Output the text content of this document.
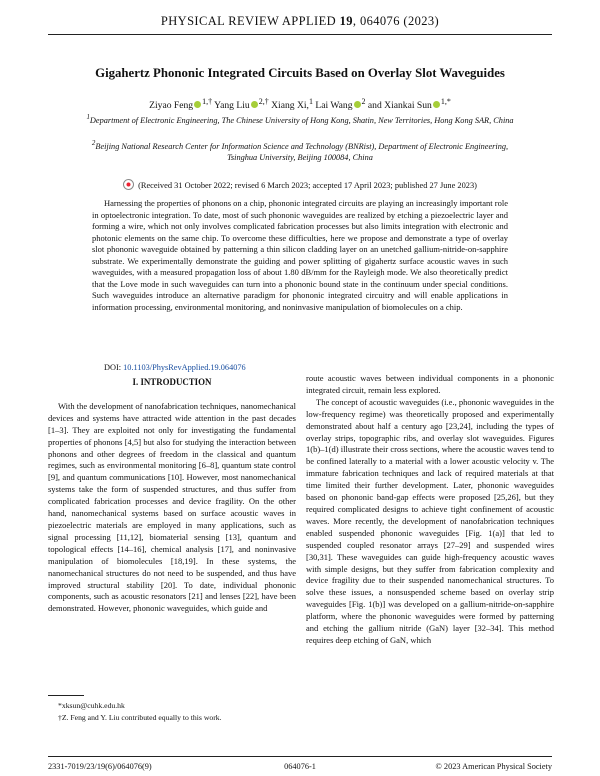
PHYSICAL REVIEW APPLIED 19, 064076 (2023)
Gigahertz Phononic Integrated Circuits Based on Overlay Slot Waveguides
Ziyao Feng $^{1,\dagger}$ Yang Liu $^{2,\dagger}$ Xiang Xi,$^1$ Lai Wang $^2$ and Xiankai Sun $^{1,*}$
$^1$Department of Electronic Engineering, The Chinese University of Hong Kong, Shatin, New Territories, Hong Kong SAR, China
$^2$Beijing National Research Center for Information Science and Technology (BNRist), Department of Electronic Engineering, Tsinghua University, Beijing 100084, China
(Received 31 October 2022; revised 6 March 2023; accepted 17 April 2023; published 27 June 2023)

Harnessing the properties of phonons on a chip, phononic integrated circuits are playing an increasingly important role in optoelectronic integration. To date, most of such phononic waveguides are realized by etching a piezoelectric layer and forming a wire, which not only involves complicated fabrication processes but also limits integration with electronic and photonic elements on the same chip. To overcome these difficulties, here we propose and demonstrate a type of overlay slot phononic waveguide obtained by patterning a thin silicon cladding layer on an unetched gallium-nitride-on-sapphire substrate. We experimentally demonstrate the guiding and power splitting of gigahertz surface acoustic waves in such waveguides, with a measured propagation loss of about 1.80 dB/mm for the Rayleigh mode. We also theoretically predict that the Love mode in such waveguides can turn into a phononic bound state in the continuum under special conditions. Such waveguides introduce an alternative paradigm for phononic integrated circuitry and will enable applications in information processing, environmental monitoring, and noninvasive manipulation of biomolecules on a chip.

DOI: 10.1103/PhysRevApplied.19.064076
I. INTRODUCTION

With the development of nanofabrication techniques, nanomechanical devices and systems have attracted wide attention in the past decades [1–3]. They are exploited not only for investigating the fundamental properties of phonons [4,5] but also for studying the interaction between phonons and other degrees of freedom in the classical and quantum regimes, such as environmental monitoring [6–8], quantum state control [9], and quantum communications [10]. However, most nanomechanical systems take the form of suspended structures, and thus suffer from complicated fabrication processes and device fragility. On the other hand, nanomechanical systems based on surface acoustic waves in piezoelectric materials are employed in many applications, such as signal processing [11,12], biomaterial sensing [13], quantum and topological effects [14–16], chemical analysis [17], and noninvasive manipulation of biomolecules [18,19]. In these systems, the nanomechanical structures do not need to be suspended, and thus have improved structural stability [20]. To date, individual phononic components, such as acoustic resonators [21] and lenses [22], have been demonstrated. However, phononic waveguides, which guide and

route acoustic waves between individual components in a phononic integrated circuit, remain less explored.

The concept of acoustic waveguides (i.e., phononic waveguides in the low-frequency regime) was theoretically proposed and experimentally demonstrated about half a century ago [23,24], including the types of overlay strips, topographic ribs, and overlay slot waveguides. Figures 1(b)–1(d) illustrate their cross sections, where the acoustic waves tend to be confined laterally to a material with a lower acoustic velocity v. The immature fabrication techniques and lack of required materials at that time limited their further development. Later, phononic waveguides based on phononic band-gap effects were proposed [25,26], but they required complicated designs to achieve tight confinement of acoustic waves. More recently, the development of nanofabrication techniques enabled suspended phononic waveguides [Fig. 1(a)] that led to suspended coupled resonator arrays [27–29] and suspended wires [30,31]. These waveguides can guide high-frequency acoustic waves with simple designs, but they suffer from fabrication complexity and device fragility due to their suspended nanomechanical structures. To solve these issues, a nonsuspended scheme based on overlay strip waveguides [Fig. 1(b)] was developed on a gallium-nitride-on-sapphire platform, where the phononic waveguides were formed by patterning and etching the gallium nitride (GaN) layer [32–34]. This method requires deep etching of GaN, which

*xksun@cuhk.edu.hk
†Z. Feng and Y. Liu contributed equally to this work.
2331-7019/23/19(6)/064076(9)	064076-1	© 2023 American Physical Society
